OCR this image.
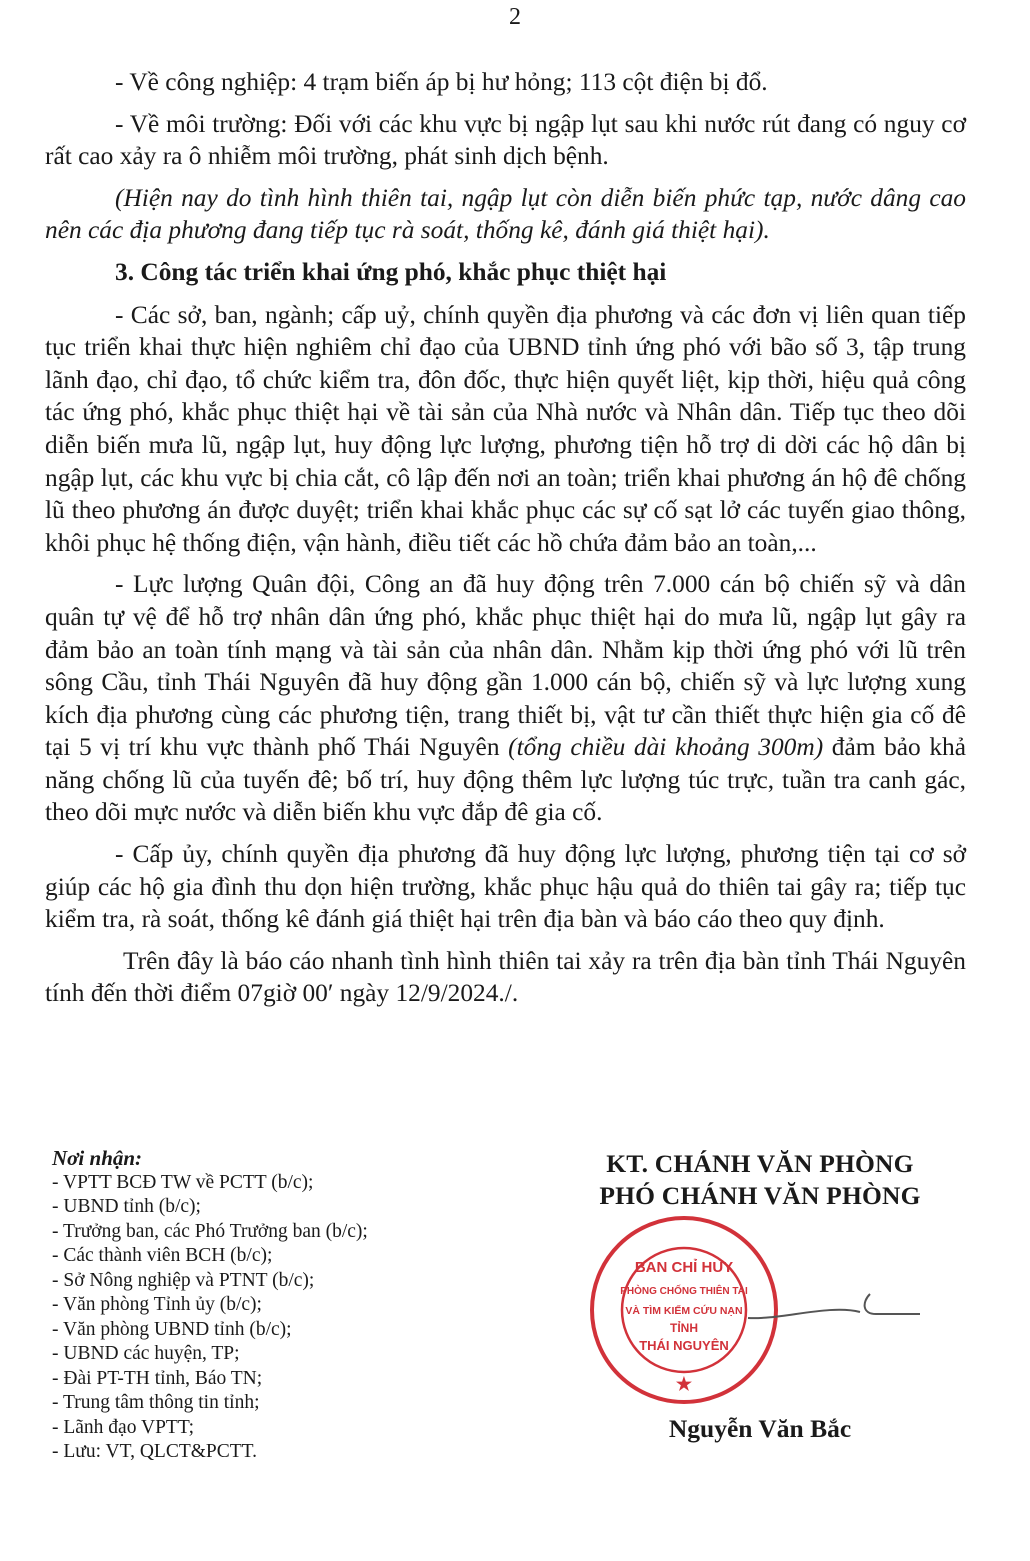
2

- Về công nghiệp: 4 trạm biến áp bị hư hỏng; 113 cột điện bị đổ.

- Về môi trường: Đối với các khu vực bị ngập lụt sau khi nước rút đang có nguy cơ rất cao xảy ra ô nhiễm môi trường, phát sinh dịch bệnh.

(Hiện nay do tình hình thiên tai, ngập lụt còn diễn biến phức tạp, nước dâng cao nên các địa phương đang tiếp tục rà soát, thống kê, đánh giá thiệt hại).

3. Công tác triển khai ứng phó, khắc phục thiệt hại

- Các sở, ban, ngành; cấp uỷ, chính quyền địa phương và các đơn vị liên quan tiếp tục triển khai thực hiện nghiêm chỉ đạo của UBND tỉnh ứng phó với bão số 3, tập trung lãnh đạo, chỉ đạo, tổ chức kiểm tra, đôn đốc, thực hiện quyết liệt, kịp thời, hiệu quả công tác ứng phó, khắc phục thiệt hại về tài sản của Nhà nước và Nhân dân. Tiếp tục theo dõi diễn biến mưa lũ, ngập lụt, huy động lực lượng, phương tiện hỗ trợ di dời các hộ dân bị ngập lụt, các khu vực bị chia cắt, cô lập đến nơi an toàn; triển khai phương án hộ đê chống lũ theo phương án được duyệt; triển khai khắc phục các sự cố sạt lở các tuyến giao thông, khôi phục hệ thống điện, vận hành, điều tiết các hồ chứa đảm bảo an toàn,...

- Lực lượng Quân đội, Công an đã huy động trên 7.000 cán bộ chiến sỹ và dân quân tự vệ để hỗ trợ nhân dân ứng phó, khắc phục thiệt hại do mưa lũ, ngập lụt gây ra đảm bảo an toàn tính mạng và tài sản của nhân dân. Nhằm kịp thời ứng phó với lũ trên sông Cầu, tỉnh Thái Nguyên đã huy động gần 1.000 cán bộ, chiến sỹ và lực lượng xung kích địa phương cùng các phương tiện, trang thiết bị, vật tư cần thiết thực hiện gia cố đê tại 5 vị trí khu vực thành phố Thái Nguyên (tổng chiều dài khoảng 300m) đảm bảo khả năng chống lũ của tuyến đê; bố trí, huy động thêm lực lượng túc trực, tuần tra canh gác, theo dõi mực nước và diễn biến khu vực đắp đê gia cố.

- Cấp ủy, chính quyền địa phương đã huy động lực lượng, phương tiện tại cơ sở giúp các hộ gia đình thu dọn hiện trường, khắc phục hậu quả do thiên tai gây ra; tiếp tục kiểm tra, rà soát, thống kê đánh giá thiệt hại trên địa bàn và báo cáo theo quy định.

Trên đây là báo cáo nhanh tình hình thiên tai xảy ra trên địa bàn tỉnh Thái Nguyên tính đến thời điểm 07giờ 00′ ngày 12/9/2024./.

Nơi nhận:
- VPTT BCĐ TW về PCTT (b/c);
- UBND tỉnh (b/c);
- Trưởng ban, các Phó Trưởng ban (b/c);
- Các thành viên BCH (b/c);
- Sở Nông nghiệp và PTNT (b/c);
- Văn phòng Tỉnh ủy (b/c);
- Văn phòng UBND tỉnh (b/c);
- UBND các huyện, TP;
- Đài PT-TH tỉnh, Báo TN;
- Trung tâm thông tin tỉnh;
- Lãnh đạo VPTT;
- Lưu: VT, QLCT&PCTT.
KT. CHÁNH VĂN PHÒNG
PHÓ CHÁNH VĂN PHÒNG
BAN CHỈ HUY
PHÒNG CHỐNG THIÊN TAI
VÀ TÌM KIẾM CỨU NẠN
TỈNH
THÁI NGUYÊN
★
Nguyễn Văn Bắc
